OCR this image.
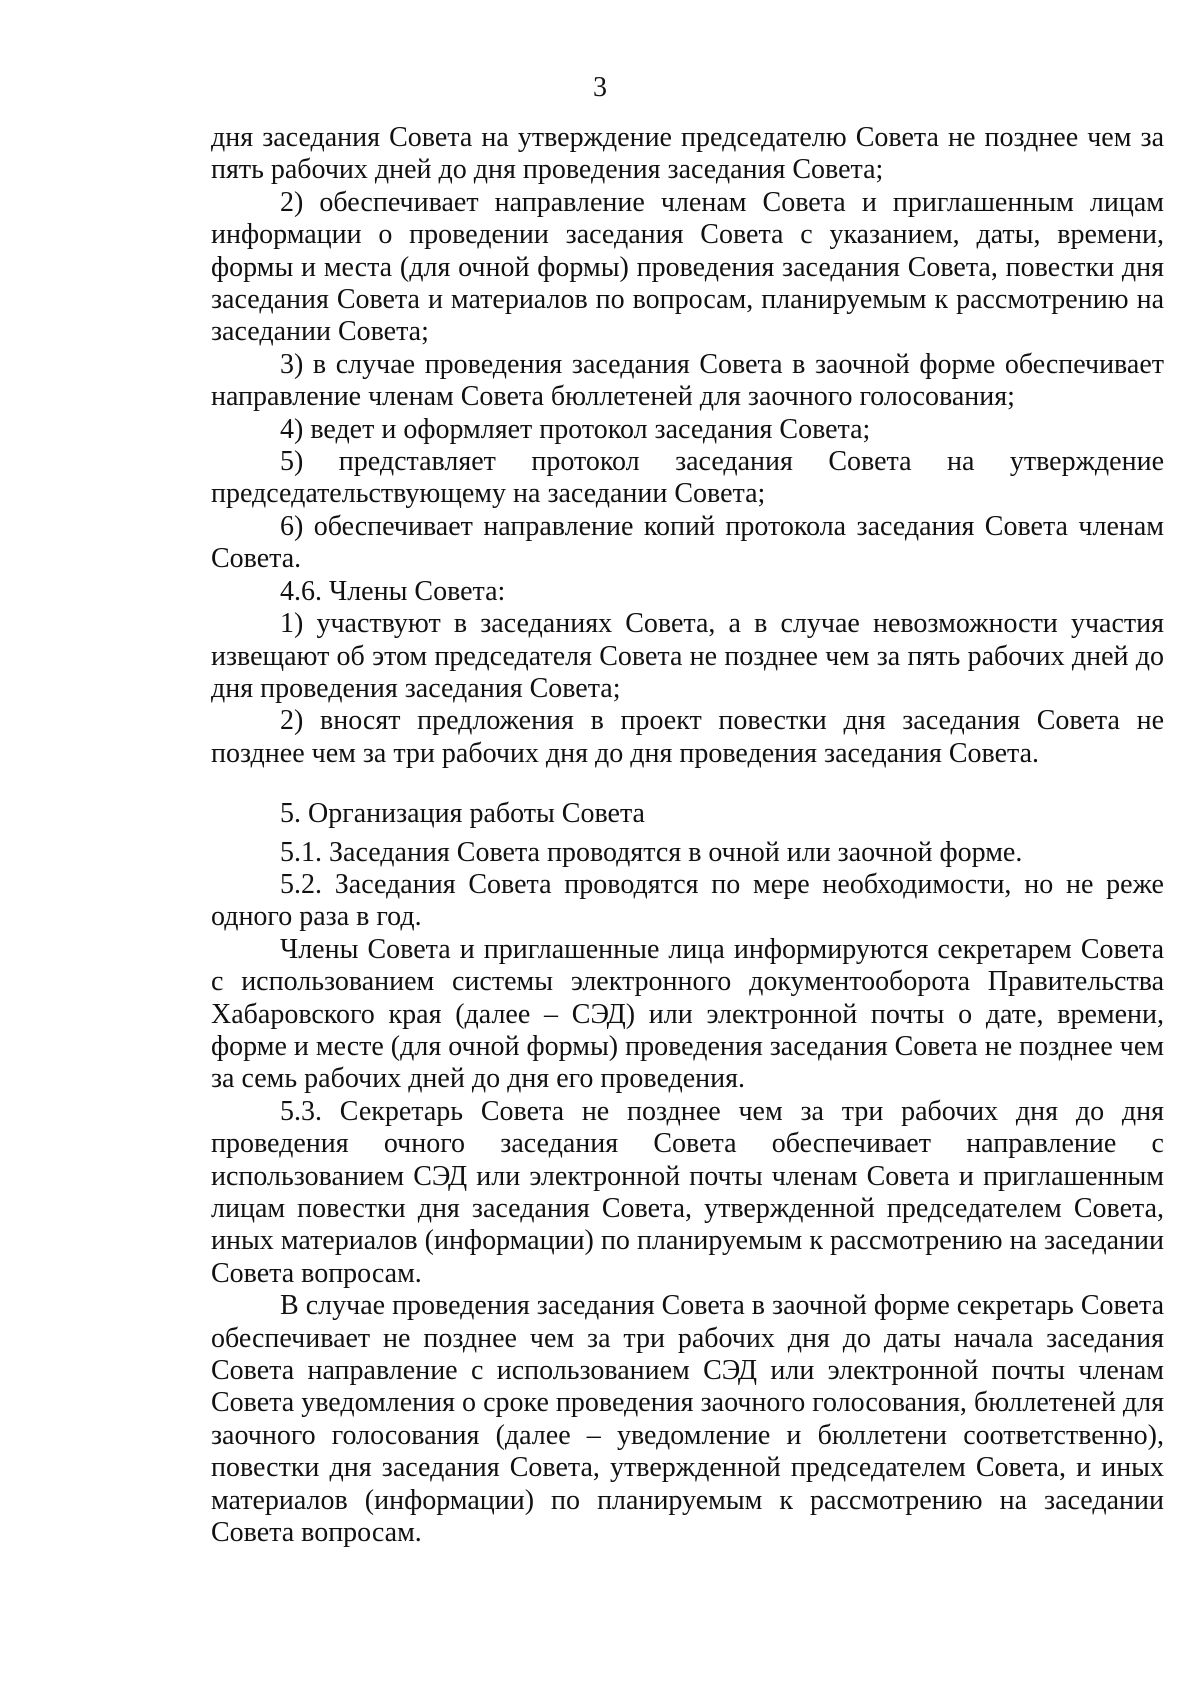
3

дня заседания Совета на утверждение председателю Совета не позднее чем за пять рабочих дней до дня проведения заседания Совета;

2) обеспечивает направление членам Совета и приглашенным лицам информации о проведении заседания Совета с указанием, даты, времени, формы и места (для очной формы) проведения заседания Совета, повестки дня заседания Совета и материалов по вопросам, планируемым к рассмотрению на заседании Совета;

3) в случае проведения заседания Совета в заочной форме обеспечивает направление членам Совета бюллетеней для заочного голосования;

4) ведет и оформляет протокол заседания Совета;

5) представляет протокол заседания Совета на утверждение председательствующему на заседании Совета;

6) обеспечивает направление копий протокола заседания Совета членам Совета.

4.6. Члены Совета:

1) участвуют в заседаниях Совета, а в случае невозможности участия извещают об этом председателя Совета не позднее чем за пять рабочих дней до дня проведения заседания Совета;

2) вносят предложения в проект повестки дня заседания Совета не позднее чем за три рабочих дня до дня проведения заседания Совета.

5. Организация работы Совета

5.1. Заседания Совета проводятся в очной или заочной форме.

5.2. Заседания Совета проводятся по мере необходимости, но не реже одного раза в год.

Члены Совета и приглашенные лица информируются секретарем Совета с использованием системы электронного документооборота Правительства Хабаровского края (далее – СЭД) или электронной почты о дате, времени, форме и месте (для очной формы) проведения заседания Совета не позднее чем за семь рабочих дней до дня его проведения.

5.3. Секретарь Совета не позднее чем за три рабочих дня до дня проведения очного заседания Совета обеспечивает направление с использованием СЭД или электронной почты членам Совета и приглашенным лицам повестки дня заседания Совета, утвержденной председателем Совета, иных материалов (информации) по планируемым к рассмотрению на заседании Совета вопросам.

В случае проведения заседания Совета в заочной форме секретарь Совета обеспечивает не позднее чем за три рабочих дня до даты начала заседания Совета направление с использованием СЭД или электронной почты членам Совета уведомления о сроке проведения заочного голосования, бюллетеней для заочного голосования (далее – уведомление и бюллетени соответственно), повестки дня заседания Совета, утвержденной председателем Совета, и иных материалов (информации) по планируемым к рассмотрению на заседании Совета вопросам.
